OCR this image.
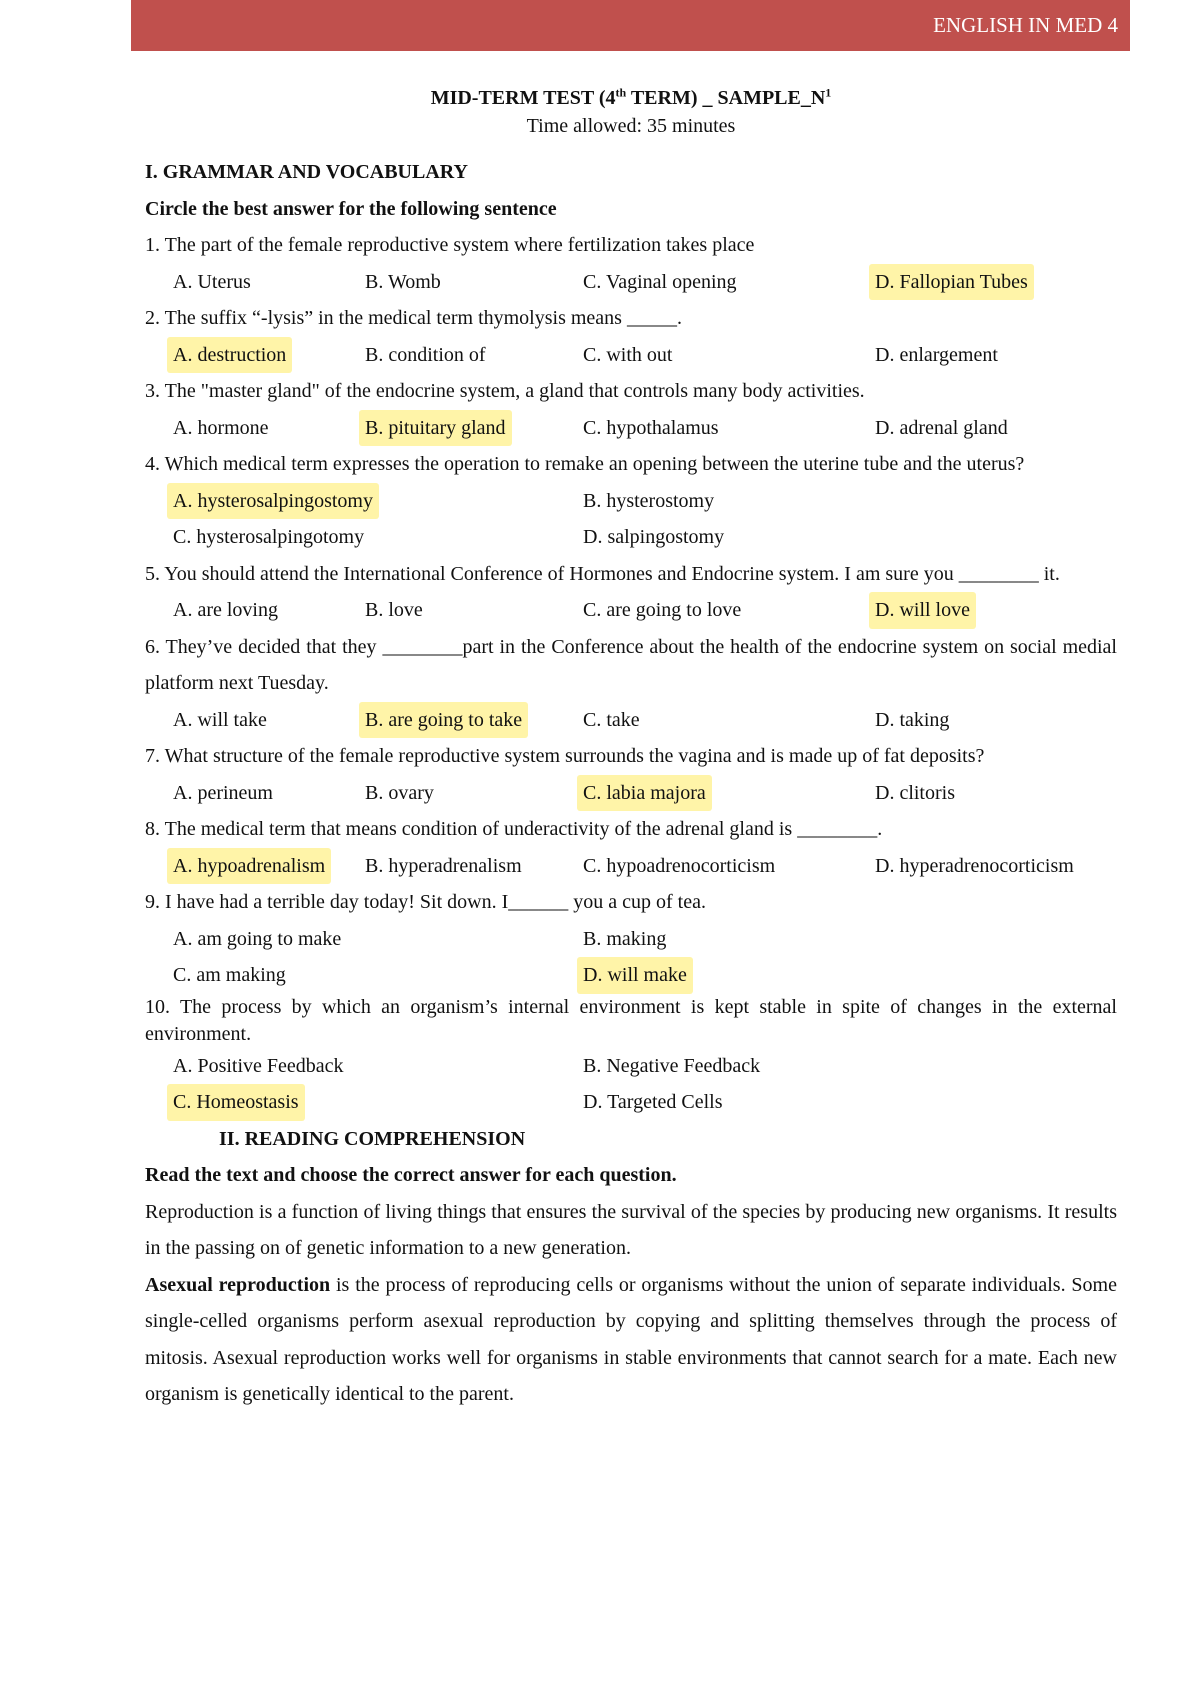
ENGLISH IN MED 4
MID-TERM TEST (4th TERM) _ $SAMPLE\_N^1$
Time allowed: 35 minutes
I. GRAMMAR AND VOCABULARY
Circle the best answer for the following sentence
1. The part of the female reproductive system where fertilization takes place
A. Uterus	B. Womb	C. Vaginal opening	D. Fallopian Tubes
2. The suffix “-lysis” in the medical term thymolysis means _____.
A. destruction	B. condition of	C. with out	D. enlargement
3. The "master gland" of the endocrine system, a gland that controls many body activities.
A. hormone	B. pituitary gland	C. hypothalamus	D. adrenal gland
4. Which medical term expresses the operation to remake an opening between the uterine tube and the uterus?
A. hysterosalpingostomy	B. hysterostomy
C. hysterosalpingotomy	D. salpingostomy
5. You should attend the International Conference of Hormones and Endocrine system. I am sure you ________ it.
A. are loving	B. love	C. are going to love	D. will love
6. They’ve decided that they ________part in the Conference about the health of the endocrine system on social medial platform next Tuesday.
A. will take	B. are going to take	C. take	D. taking
7. What structure of the female reproductive system surrounds the vagina and is made up of fat deposits?
A. perineum	B. ovary	C. labia majora	D. clitoris
8. The medical term that means condition of underactivity of the adrenal gland is ________.
A. hypoadrenalism	B. hyperadrenalism	C. hypoadrenocorticism	D. hyperadrenocorticism
9. I have had a terrible day today! Sit down. I______ you a cup of tea.
A. am going to make	B. making
C. am making	D. will make
10. The process by which an organism’s internal environment is kept stable in spite of changes in the external environment.
A. Positive Feedback	B. Negative Feedback
C. Homeostasis	D. Targeted Cells
II. READING COMPREHENSION
Read the text and choose the correct answer for each question.
Reproduction is a function of living things that ensures the survival of the species by producing new organisms. It results in the passing on of genetic information to a new generation.
Asexual reproduction is the process of reproducing cells or organisms without the union of separate individuals. Some single-celled organisms perform asexual reproduction by copying and splitting themselves through the process of mitosis. Asexual reproduction works well for organisms in stable environments that cannot search for a mate. Each new organism is genetically identical to the parent.
